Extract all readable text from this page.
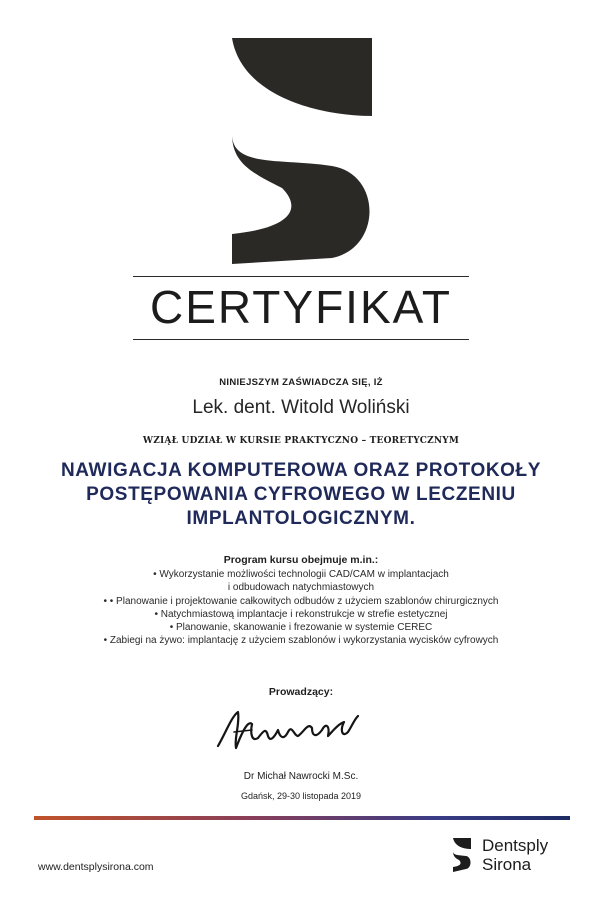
CERTYFIKAT
NINIEJSZYM ZAŚWIADCZA SIĘ, IŻ
Lek. dent. Witold Woliński
WZIĄŁ UDZIAŁ W KURSIE PRAKTYCZNO – TEORETYCZNYM
NAWIGACJA KOMPUTEROWA ORAZ PROTOKOŁY
POSTĘPOWANIA CYFROWEGO W LECZENIU
IMPLANTOLOGICZNYM.
Program kursu obejmuje m.in.:
• Wykorzystanie możliwości technologii CAD/CAM w implantacjach
i odbudowach natychmiastowych
• • Planowanie i projektowanie całkowitych odbudów z użyciem szablonów chirurgicznych
• Natychmiastową implantacje i rekonstrukcje w strefie estetycznej
• Planowanie, skanowanie i frezowanie w systemie CEREC
• Zabiegi na żywo: implantację z użyciem szablonów i wykorzystania wycisków cyfrowych
Prowadzący:
Dr Michał Nawrocki M.Sc.
Gdańsk, 29-30 listopada 2019
www.dentsplysirona.com
Dentsply
Sirona
